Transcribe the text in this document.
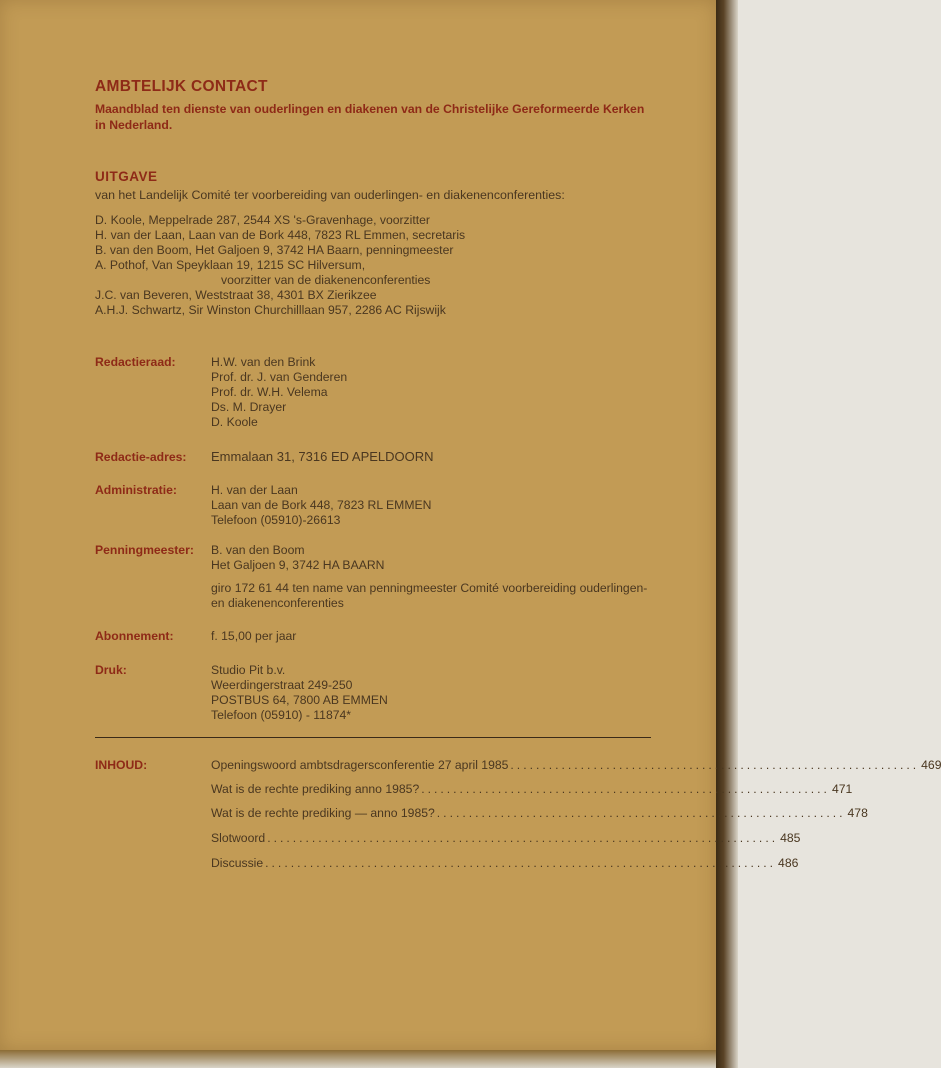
AMBTELIJK CONTACT
Maandblad ten dienste van ouderlingen en diakenen van de Christelijke Gereformeerde Kerken in Nederland.
UITGAVE
van het Landelijk Comité ter voorbereiding van ouderlingen- en diakenenconferenties:
D. Koole, Meppelrade 287, 2544 XS 's-Gravenhage, voorzitter
H. van der Laan, Laan van de Bork 448, 7823 RL Emmen, secretaris
B. van den Boom, Het Galjoen 9, 3742 HA Baarn, penningmeester
A. Pothof, Van Speyklaan 19, 1215 SC Hilversum,
voorzitter van de diakenenconferenties
J.C. van Beveren, Weststraat 38, 4301 BX Zierikzee
A.H.J. Schwartz, Sir Winston Churchilllaan 957, 2286 AC Rijswijk
Redactieraad:	H.W. van den Brink
Prof. dr. J. van Genderen
Prof. dr. W.H. Velema
Ds. M. Drayer
D. Koole
Redactie-adres: Emmalaan 31, 7316 ED APELDOORN
Administratie:	H. van der Laan
Laan van de Bork 448, 7823 RL EMMEN
Telefoon (05910)-26613
Penningmeester: B. van den Boom
Het Galjoen 9, 3742 HA BAARN
giro 172 61 44 ten name van penningmeester Comité voorbereiding ouderlingen- en diakenenconferenties
Abonnement:	f. 15,00 per jaar
Druk:	Studio Pit b.v.
Weerdingerstraat 249-250
POSTBUS 64, 7800 AB EMMEN
Telefoon (05910) - 11874*
INHOUD:	Openingswoord ambtsdragersconferentie 27 april 1985 ................................................................ 469
Wat is de rechte prediking anno 1985? ................................................................ 471
Wat is de rechte prediking — anno 1985? ................................................................ 478
Slotwoord ................................................................................ 485
Discussie ................................................................................ 486
